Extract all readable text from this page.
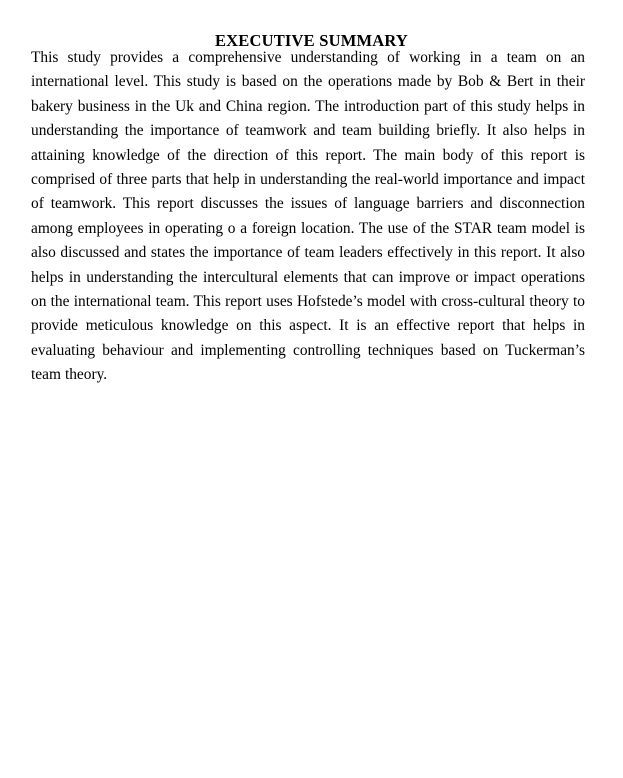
EXECUTIVE SUMMARY

This study provides a comprehensive understanding of working in a team on an international level. This study is based on the operations made by Bob & Bert in their bakery business in the Uk and China region. The introduction part of this study helps in understanding the importance of teamwork and team building briefly. It also helps in attaining knowledge of the direction of this report. The main body of this report is comprised of three parts that help in understanding the real-world importance and impact of teamwork. This report discusses the issues of language barriers and disconnection among employees in operating o a foreign location. The use of the STAR team model is also discussed and states the importance of team leaders effectively in this report. It also helps in understanding the intercultural elements that can improve or impact operations on the international team. This report uses Hofstede’s model with cross-cultural theory to provide meticulous knowledge on this aspect. It is an effective report that helps in evaluating behaviour and implementing controlling techniques based on Tuckerman’s team theory.
